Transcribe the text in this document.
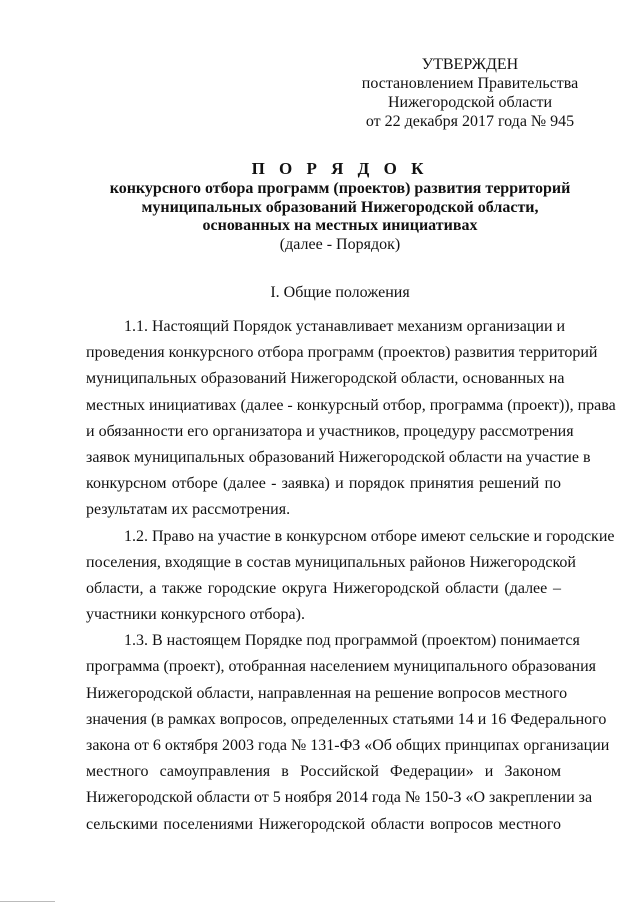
УТВЕРЖДЕН
постановлением Правительства
Нижегородской области
от 22 декабря 2017 года № 945
П О Р Я Д О К
конкурсного отбора программ (проектов) развития территорий
муниципальных образований Нижегородской области,
основанных на местных инициативах
(далее - Порядок)
I. Общие положения
1.1. Настоящий Порядок устанавливает механизм организации и
проведения конкурсного отбора программ (проектов) развития территорий
муниципальных образований Нижегородской области, основанных на
местных инициативах (далее - конкурсный отбор, программа (проект)), права
и обязанности его организатора и участников, процедуру рассмотрения
заявок муниципальных образований Нижегородской области на участие в
конкурсном отборе (далее - заявка) и порядок принятия решений по
результатам их рассмотрения.
1.2. Право на участие в конкурсном отборе имеют сельские и городские
поселения, входящие в состав муниципальных районов Нижегородской
области, а также городские округа Нижегородской области (далее –
участники конкурсного отбора).
1.3. В настоящем Порядке под программой (проектом) понимается
программа (проект), отобранная населением муниципального образования
Нижегородской области, направленная на решение вопросов местного
значения (в рамках вопросов, определенных статьями 14 и 16 Федерального
закона от 6 октября 2003 года № 131-ФЗ «Об общих принципах организации
местного самоуправления в Российской Федерации» и Законом
Нижегородской области от 5 ноября 2014 года № 150-З «О закреплении за
сельскими поселениями Нижегородской области вопросов местного
